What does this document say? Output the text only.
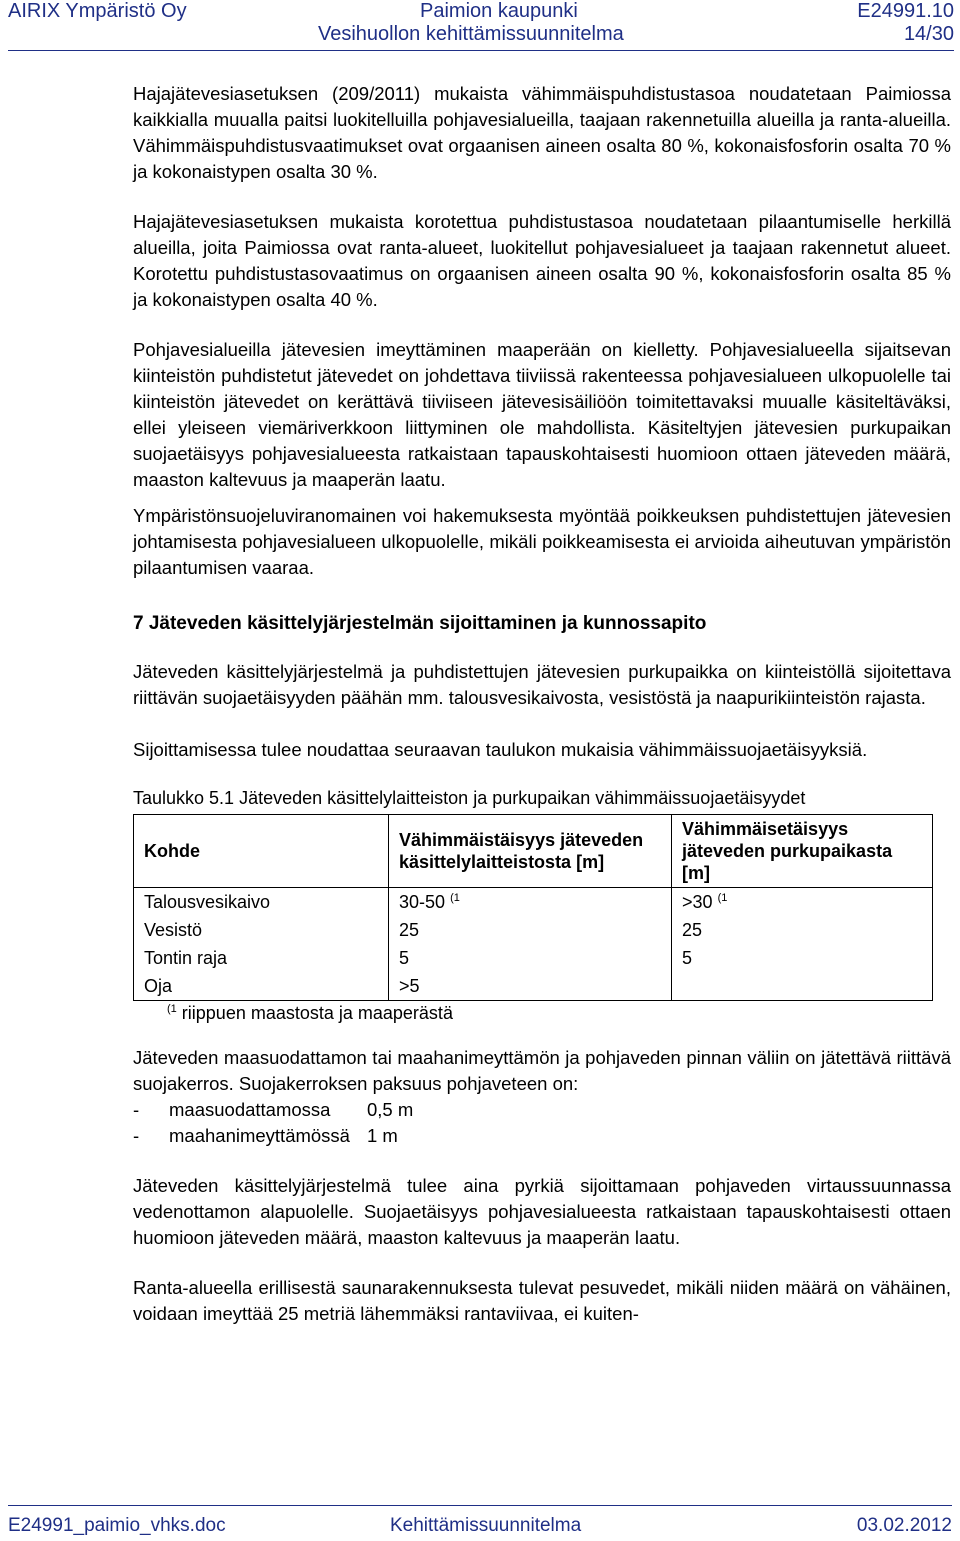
AIRIX Ympäristö Oy	Paimion kaupunki	E24991.10
Vesihuollon kehittämissuunnitelma	14/30

Hajajätevesiasetuksen (209/2011) mukaista vähimmäispuhdistustasoa noudatetaan Paimiossa kaikkialla muualla paitsi luokitelluilla pohjavesialueilla, taajaan rakennetuilla alueilla ja ranta-alueilla. Vähimmäispuhdistusvaatimukset ovat orgaanisen aineen osalta 80 %, kokonaisfosforin osalta 70 % ja kokonaistypen osalta 30 %.

Hajajätevesiasetuksen mukaista korotettua puhdistustasoa noudatetaan pilaantumiselle herkillä alueilla, joita Paimiossa ovat ranta-alueet, luokitellut pohjavesialueet ja taajaan rakennetut alueet. Korotettu puhdistustasovaatimus on orgaanisen aineen osalta 90 %, kokonaisfosforin osalta 85 % ja kokonaistypen osalta 40 %.

Pohjavesialueilla jätevesien imeyttäminen maaperään on kielletty. Pohjavesialueella sijaitsevan kiinteistön puhdistetut jätevedet on johdettava tiiviissä rakenteessa pohjavesialueen ulkopuolelle tai kiinteistön jätevedet on kerättävä tiiviiseen jätevesisäiliöön toimitettavaksi muualle käsiteltäväksi, ellei yleiseen viemäriverkkoon liittyminen ole mahdollista. Käsiteltyjen jätevesien purkupaikan suojaetäisyys pohjavesialueesta ratkaistaan tapauskohtaisesti huomioon ottaen jäteveden määrä, maaston kaltevuus ja maaperän laatu.

Ympäristönsuojeluviranomainen voi hakemuksesta myöntää poikkeuksen puhdistettujen jätevesien johtamisesta pohjavesialueen ulkopuolelle, mikäli poikkeamisesta ei arvioida aiheutuvan ympäristön pilaantumisen vaaraa.

7 Jäteveden käsittelyjärjestelmän sijoittaminen ja kunnossapito

Jäteveden käsittelyjärjestelmä ja puhdistettujen jätevesien purkupaikka on kiinteistöllä sijoitettava riittävän suojaetäisyyden päähän mm. talousvesikaivosta, vesistöstä ja naapurikiinteistön rajasta.

Sijoittamisessa tulee noudattaa seuraavan taulukon mukaisia vähimmäissuojaetäisyyksiä.

Taulukko 5.1 Jäteveden käsittelylaitteiston ja purkupaikan vähimmäissuojaetäisyydet

Kohde	Vähimmäistäisyys jäteveden käsittelylaitteistosta [m]	Vähimmäisetäisyys jäteveden purkupaikasta [m]
Talousvesikaivo	30-50 $^{(1}$	>30 $^{(1}$
Vesistö	25	25
Tontin raja	5	5
Oja	>5	

$^{(1}$ riippuen maastosta ja maaperästä

Jäteveden maasuodattamon tai maahanimeyttämön ja pohjaveden pinnan väliin on jätettävä riittävä suojakerros. Suojakerroksen paksuus pohjaveteen on:

-	maasuodattamossa	0,5 m
-	maahanimeyttämössä 1 m

Jäteveden käsittelyjärjestelmä tulee aina pyrkiä sijoittamaan pohjaveden virtaussuunnassa vedenottamon alapuolelle. Suojaetäisyys pohjavesialueesta ratkaistaan tapauskohtaisesti ottaen huomioon jäteveden määrä, maaston kaltevuus ja maaperän laatu.

Ranta-alueella erillisestä saunarakennuksesta tulevat pesuvedet, mikäli niiden määrä on vähäinen, voidaan imeyttää 25 metriä lähemmäksi rantaviivaa, ei kuiten-

E24991_paimio_vhks.doc	Kehittämissuunnitelma	03.02.2012
